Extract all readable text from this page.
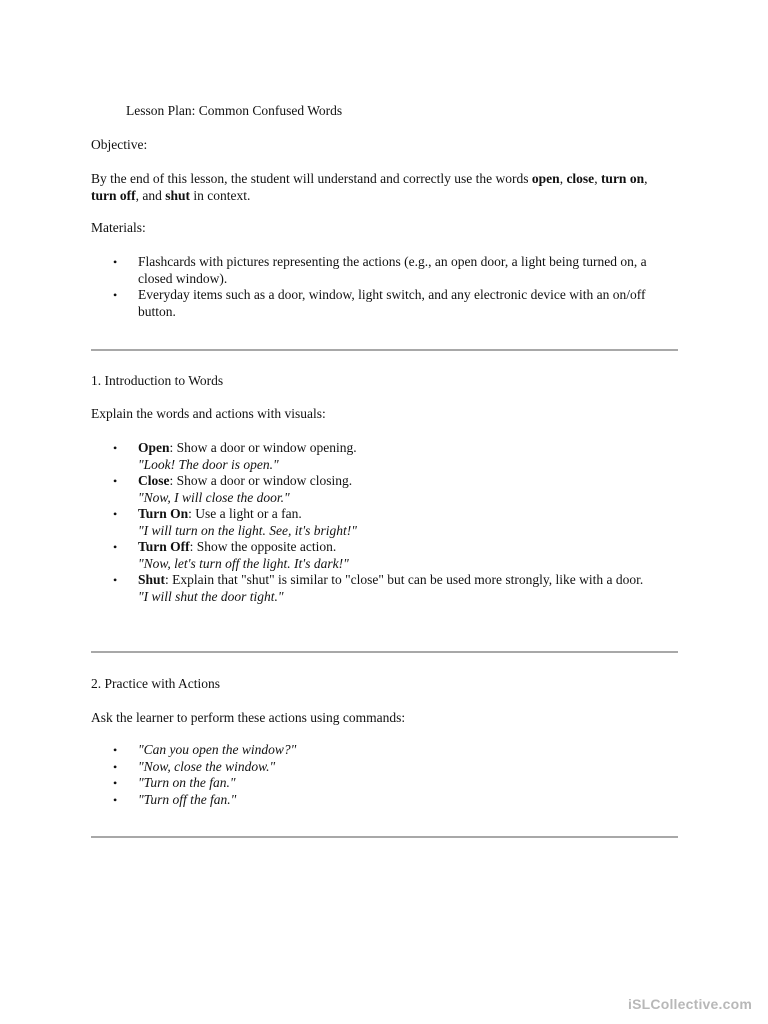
Lesson Plan: Common Confused Words
Objective:
By the end of this lesson, the student will understand and correctly use the words open, close, turn on, turn off, and shut in context.
Materials:
• Flashcards with pictures representing the actions (e.g., an open door, a light being turned on, a closed window).
• Everyday items such as a door, window, light switch, and any electronic device with an on/off button.
1. Introduction to Words
Explain the words and actions with visuals:
• Open: Show a door or window opening.
"Look! The door is open."
• Close: Show a door or window closing.
"Now, I will close the door."
• Turn On: Use a light or a fan.
"I will turn on the light. See, it's bright!"
• Turn Off: Show the opposite action.
"Now, let's turn off the light. It's dark!"
• Shut: Explain that "shut" is similar to "close" but can be used more strongly, like with a door.
"I will shut the door tight."
2. Practice with Actions
Ask the learner to perform these actions using commands:
• "Can you open the window?"
• "Now, close the window."
• "Turn on the fan."
• "Turn off the fan."
iSLCollective.com
